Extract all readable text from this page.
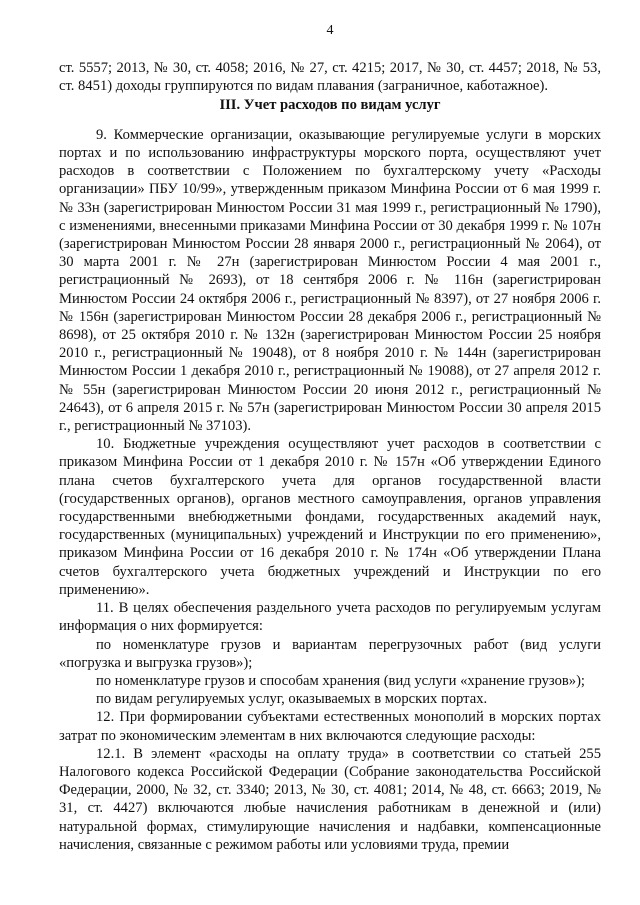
4

ст. 5557; 2013, № 30, ст. 4058; 2016, № 27, ст. 4215; 2017, № 30, ст. 4457; 2018, № 53, ст. 8451) доходы группируются по видам плавания (заграничное, каботажное).

III. Учет расходов по видам услуг

9. Коммерческие организации, оказывающие регулируемые услуги в морских портах и по использованию инфраструктуры морского порта, осуществляют учет расходов в соответствии с Положением по бухгалтерскому учету «Расходы организации» ПБУ 10/99», утвержденным приказом Минфина России от 6 мая 1999 г. № 33н (зарегистрирован Минюстом России 31 мая 1999 г., регистрационный № 1790), с изменениями, внесенными приказами Минфина России от 30 декабря 1999 г. № 107н (зарегистрирован Минюстом России 28 января 2000 г., регистрационный № 2064), от 30 марта 2001 г. № 27н (зарегистрирован Минюстом России 4 мая 2001 г., регистрационный № 2693), от 18 сентября 2006 г. № 116н (зарегистрирован Минюстом России 24 октября 2006 г., регистрационный № 8397), от 27 ноября 2006 г. № 156н (зарегистрирован Минюстом России 28 декабря 2006 г., регистрационный № 8698), от 25 октября 2010 г. № 132н (зарегистрирован Минюстом России 25 ноября 2010 г., регистрационный № 19048), от 8 ноября 2010 г. № 144н (зарегистрирован Минюстом России 1 декабря 2010 г., регистрационный № 19088), от 27 апреля 2012 г. № 55н (зарегистрирован Минюстом России 20 июня 2012 г., регистрационный № 24643), от 6 апреля 2015 г. № 57н (зарегистрирован Минюстом России 30 апреля 2015 г., регистрационный № 37103).

10. Бюджетные учреждения осуществляют учет расходов в соответствии с приказом Минфина России от 1 декабря 2010 г. № 157н «Об утверждении Единого плана счетов бухгалтерского учета для органов государственной власти (государственных органов), органов местного самоуправления, органов управления государственными внебюджетными фондами, государственных академий наук, государственных (муниципальных) учреждений и Инструкции по его применению», приказом Минфина России от 16 декабря 2010 г. № 174н «Об утверждении Плана счетов бухгалтерского учета бюджетных учреждений и Инструкции по его применению».

11. В целях обеспечения раздельного учета расходов по регулируемым услугам информация о них формируется:

по номенклатуре грузов и вариантам перегрузочных работ (вид услуги «погрузка и выгрузка грузов»);

по номенклатуре грузов и способам хранения (вид услуги «хранение грузов»);

по видам регулируемых услуг, оказываемых в морских портах.

12. При формировании субъектами естественных монополий в морских портах затрат по экономическим элементам в них включаются следующие расходы:

12.1. В элемент «расходы на оплату труда» в соответствии со статьей 255 Налогового кодекса Российской Федерации (Собрание законодательства Российской Федерации, 2000, № 32, ст. 3340; 2013, № 30, ст. 4081; 2014, № 48, ст. 6663; 2019, № 31, ст. 4427) включаются любые начисления работникам в денежной и (или) натуральной формах, стимулирующие начисления и надбавки, компенсационные начисления, связанные с режимом работы или условиями труда, премии
